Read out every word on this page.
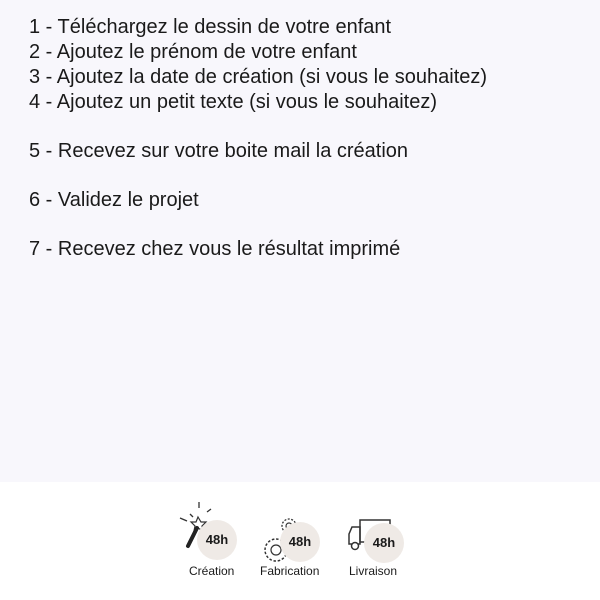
1 - Téléchargez le dessin de votre enfant
2 - Ajoutez le prénom de votre enfant
3 - Ajoutez la date de création (si vous le souhaitez)
4 - Ajoutez un petit texte (si vous le souhaitez)
5 - Recevez sur votre boite mail la création
6 - Validez le projet
7 - Recevez chez vous le résultat imprimé
48h
Création
48h
Fabrication
48h
Livraison
